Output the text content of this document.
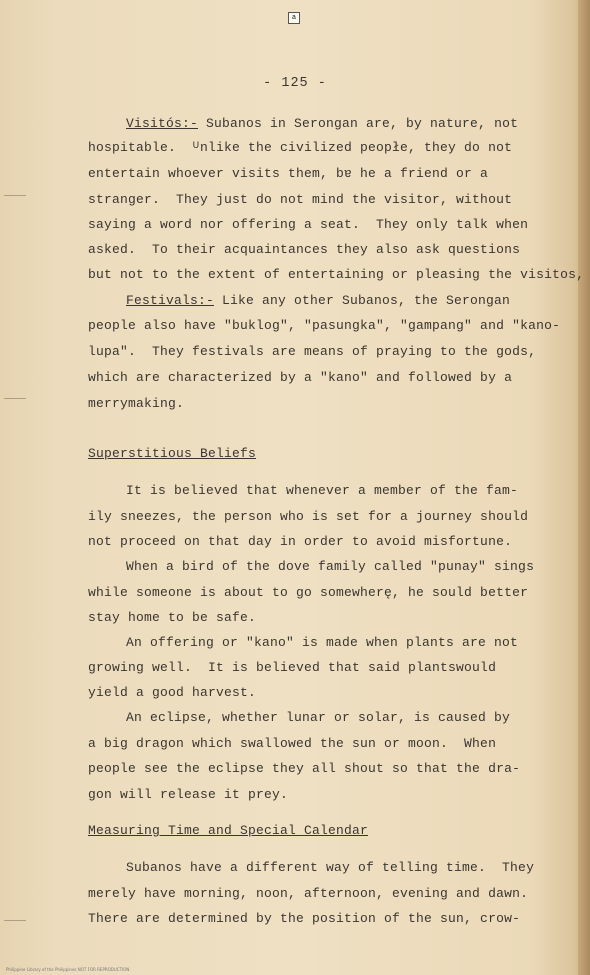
a
- 125 -
Visitós:- Subanos in Serongan are, by nature, not
hospitable.  ᵁnlike the civilized peopłe, they do not
entertain whoever visits them, bɐ he a friend or a
stranger.  They just do not mind the visitor, without
saying a word nor offering a seat.  They only talk when
asked.  To their acquaintances they also ask questions
but not to the extent of entertaining or pleasing the visitos,
Festivals:- Like any other Subanos, the Serongan
people also have "buklog", "pasungka", "gampang" and "kano-
lupa".  They festivals are means of praying to the gods,
which are characterized by a "kano" and followed by a
merrymaking.
Superstitious Beliefs
It is believed that whenever a member of the fam-
ily sneezes, the person who is set for a journey should
not proceed on that day in order to avoid misfortune.
When a bird of the dove family called "punay" sings
while someone is about to go somewherę, he sould better
stay home to be safe.
An offering or "kano" is made when plants are not
growing well.  It is believed that said plantswould
yield a good harvest.
An eclipse, whether lunar or solar, is caused by
a big dragon which swallowed the sun or moon.  When
people see the eclipse they all shout so that the dra-
gon will release it prey.
Measuring Time and Special Calendar
Subanos have a different way of telling time.  They
merely have morning, noon, afternoon, evening and dawn.
There are determined by the position of the sun, crow-
Philippine Library of the Philippines NOT FOR REPRODUCTION
